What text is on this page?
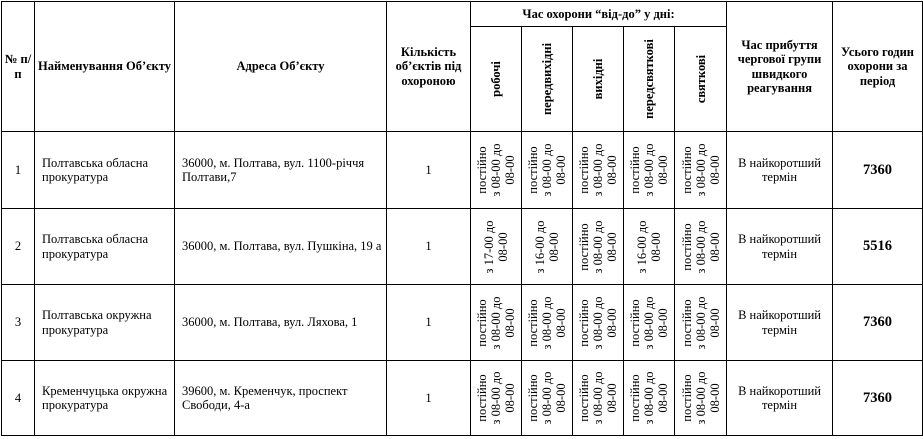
№ п/п	Найменування Об’єкту	Адреса Об’єкту	Кількість об’єктів під охороною	Час охорони “від-до” у дні:					Час прибуття чергової групи швидкого реагування	Усього годин охорони за період

				робочі	передвихідні	вихідні	передсвяткові	святкові		

1	Полтавська обласна прокуратура	36000, м. Полтава, вул. 1100-річчя Полтави,7	1	постійно
з 08-00 до
08-00	постійно
з 08-00 до
08-00	постійно
з 08-00 до
08-00	постійно
з 08-00 до
08-00	постійно
з 08-00 до
08-00	В найкоротший термін	7360
2	Полтавська обласна прокуратура	36000, м. Полтава, вул. Пушкіна, 19 а	1	з 17-00 до
08-00	з 16-00 до
08-00	постійно
з 08-00 до
08-00	з 16-00 до
08-00	постійно
з 08-00 до
08-00	В найкоротший термін	5516
3	Полтавська окружна прокуратура	36000, м. Полтава, вул. Ляхова, 1	1	постійно
з 08-00 до
08-00	постійно
з 08-00 до
08-00	постійно
з 08-00 до
08-00	постійно
з 08-00 до
08-00	постійно
з 08-00 до
08-00	В найкоротший термін	7360
4	Кременчуцька окружна прокуратура	39600, м. Кременчук, проспект Свободи, 4-а	1	постійно
з 08-00 до
08-00	постійно
з 08-00 до
08-00	постійно
з 08-00 до
08-00	постійно
з 08-00 до
08-00	постійно
з 08-00 до
08-00	В найкоротший термін	7360
